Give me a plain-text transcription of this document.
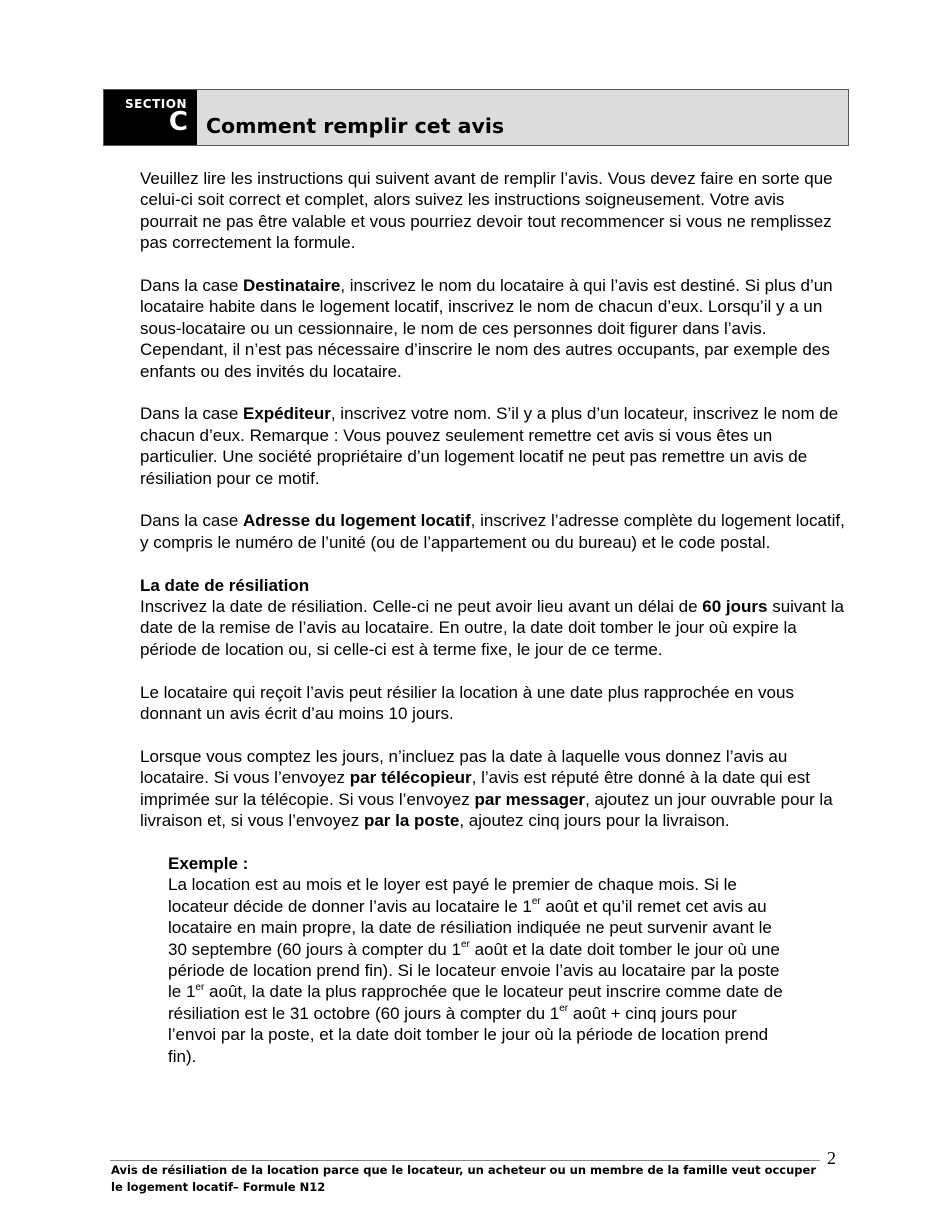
SECTION
C Comment remplir cet avis

Veuillez lire les instructions qui suivent avant de remplir l’avis. Vous devez faire en sorte que celui-ci soit correct et complet, alors suivez les instructions soigneusement. Votre avis pourrait ne pas être valable et vous pourriez devoir tout recommencer si vous ne remplissez pas correctement la formule.

Dans la case Destinataire, inscrivez le nom du locataire à qui l’avis est destiné. Si plus d’un locataire habite dans le logement locatif, inscrivez le nom de chacun d’eux. Lorsqu’il y a un sous-locataire ou un cessionnaire, le nom de ces personnes doit figurer dans l’avis. Cependant, il n’est pas nécessaire d’inscrire le nom des autres occupants, par exemple des enfants ou des invités du locataire.

Dans la case Expéditeur, inscrivez votre nom. S’il y a plus d’un locateur, inscrivez le nom de chacun d’eux. Remarque : Vous pouvez seulement remettre cet avis si vous êtes un particulier. Une société propriétaire d’un logement locatif ne peut pas remettre un avis de résiliation pour ce motif.

Dans la case Adresse du logement locatif, inscrivez l’adresse complète du logement locatif, y compris le numéro de l’unité (ou de l’appartement ou du bureau) et le code postal.

La date de résiliation

Inscrivez la date de résiliation. Celle-ci ne peut avoir lieu avant un délai de 60 jours suivant la date de la remise de l’avis au locataire. En outre, la date doit tomber le jour où expire la période de location ou, si celle-ci est à terme fixe, le jour de ce terme.

Le locataire qui reçoit l’avis peut résilier la location à une date plus rapprochée en vous donnant un avis écrit d’au moins 10 jours.

Lorsque vous comptez les jours, n’incluez pas la date à laquelle vous donnez l’avis au locataire. Si vous l’envoyez par télécopieur, l’avis est réputé être donné à la date qui est imprimée sur la télécopie. Si vous l’envoyez par messager, ajoutez un jour ouvrable pour la livraison et, si vous l’envoyez par la poste, ajoutez cinq jours pour la livraison.

Exemple :

La location est au mois et le loyer est payé le premier de chaque mois. Si le locateur décide de donner l’avis au locataire le 1er août et qu’il remet cet avis au locataire en main propre, la date de résiliation indiquée ne peut survenir avant le 30 septembre (60 jours à compter du 1er août et la date doit tomber le jour où une période de location prend fin). Si le locateur envoie l’avis au locataire par la poste le 1er août, la date la plus rapprochée que le locateur peut inscrire comme date de résiliation est le 31 octobre (60 jours à compter du 1er août + cinq jours pour l’envoi par la poste, et la date doit tomber le jour où la période de location prend fin).

2
Avis de résiliation de la location parce que le locateur, un acheteur ou un membre de la famille veut occuper le logement locatif– Formule N12
